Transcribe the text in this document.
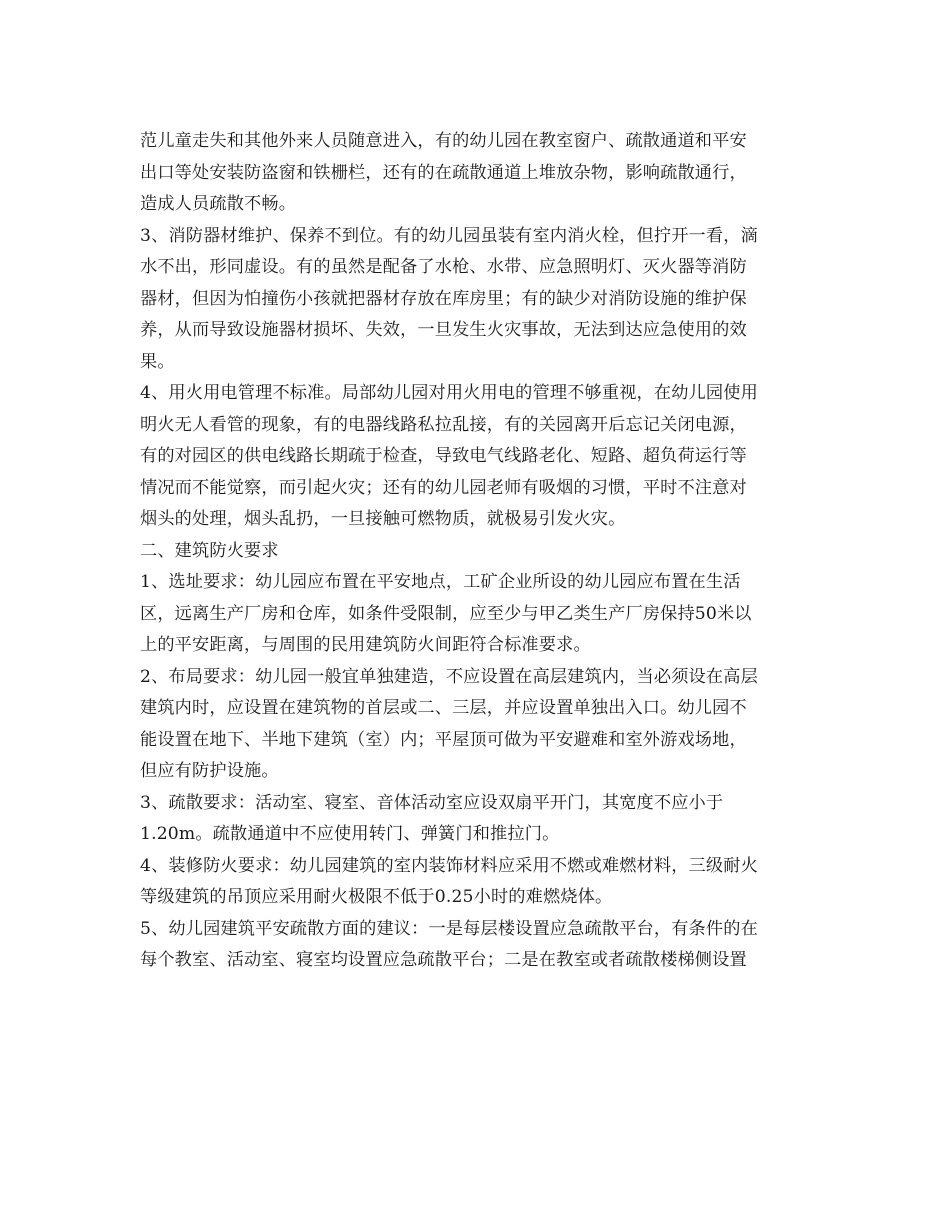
范儿童走失和其他外来人员随意进入，有的幼儿园在教室窗户、疏散通道和平安

出口等处安装防盗窗和铁栅栏，还有的在疏散通道上堆放杂物，影响疏散通行，

造成人员疏散不畅。

3、消防器材维护、保养不到位。有的幼儿园虽装有室内消火栓，但拧开一看，滴

水不出，形同虚设。有的虽然是配备了水枪、水带、应急照明灯、灭火器等消防

器材，但因为怕撞伤小孩就把器材存放在库房里；有的缺少对消防设施的维护保

养，从而导致设施器材损坏、失效，一旦发生火灾事故，无法到达应急使用的效

果。

4、用火用电管理不标准。局部幼儿园对用火用电的管理不够重视，在幼儿园使用

明火无人看管的现象，有的电器线路私拉乱接，有的关园离开后忘记关闭电源，

有的对园区的供电线路长期疏于检查，导致电气线路老化、短路、超负荷运行等

情况而不能觉察，而引起火灾；还有的幼儿园老师有吸烟的习惯，平时不注意对

烟头的处理，烟头乱扔，一旦接触可燃物质，就极易引发火灾。

二、建筑防火要求

1、选址要求：幼儿园应布置在平安地点，工矿企业所设的幼儿园应布置在生活

区，远离生产厂房和仓库，如条件受限制，应至少与甲乙类生产厂房保持50米以

上的平安距离，与周围的民用建筑防火间距符合标准要求。

2、布局要求：幼儿园一般宜单独建造，不应设置在高层建筑内，当必须设在高层

建筑内时，应设置在建筑物的首层或二、三层，并应设置单独出入口。幼儿园不

能设置在地下、半地下建筑（室）内；平屋顶可做为平安避难和室外游戏场地，

但应有防护设施。

3、疏散要求：活动室、寝室、音体活动室应设双扇平开门，其宽度不应小于

1.20m。疏散通道中不应使用转门、弹簧门和推拉门。

4、装修防火要求：幼儿园建筑的室内装饰材料应采用不燃或难燃材料，三级耐火

等级建筑的吊顶应采用耐火极限不低于0.25小时的难燃烧体。

5、幼儿园建筑平安疏散方面的建议：一是每层楼设置应急疏散平台，有条件的在

每个教室、活动室、寝室均设置应急疏散平台；二是在教室或者疏散楼梯侧设置
